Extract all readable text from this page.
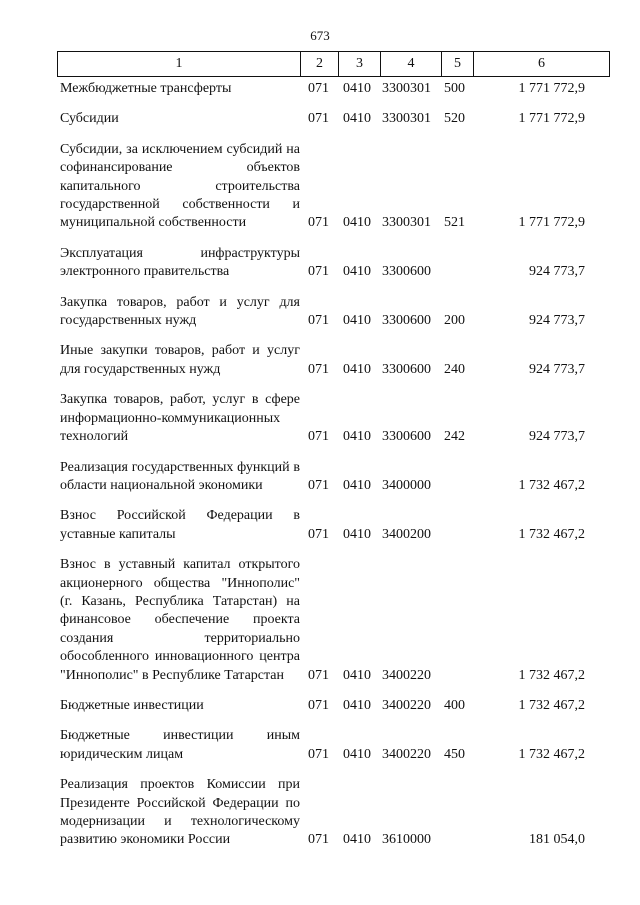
673
1	2	3	4	5	6
Межбюджетные трансферты	071 0410 3300301 500	1 771 772,9
Субсидии	071 0410 3300301 520	1 771 772,9
Субсидии, за исключением субсидий на софинансирование объектов капитального строительства государственной собственности и муниципальной собственности	071 0410 3300301 521	1 771 772,9
Эксплуатация инфраструктуры электронного правительства	071 0410 3300600	924 773,7
Закупка товаров, работ и услуг для государственных нужд	071 0410 3300600 200	924 773,7
Иные закупки товаров, работ и услуг для государственных нужд	071 0410 3300600 240	924 773,7
Закупка товаров, работ, услуг в сфере информационно-коммуникационных технологий	071 0410 3300600 242	924 773,7
Реализация государственных функций в области национальной экономики	071 0410 3400000	1 732 467,2
Взнос Российской Федерации в уставные капиталы	071 0410 3400200	1 732 467,2
Взнос в уставный капитал открытого акционерного общества "Иннополис" (г. Казань, Республика Татарстан) на финансовое обеспечение проекта создания территориально обособленного инновационного центра "Иннополис" в Республике Татарстан	071 0410 3400220	1 732 467,2
Бюджетные инвестиции	071 0410 3400220 400	1 732 467,2
Бюджетные инвестиции иным юридическим лицам	071 0410 3400220 450	1 732 467,2
Реализация проектов Комиссии при Президенте Российской Федерации по модернизации и технологическому развитию экономики России	071 0410 3610000	181 054,0
